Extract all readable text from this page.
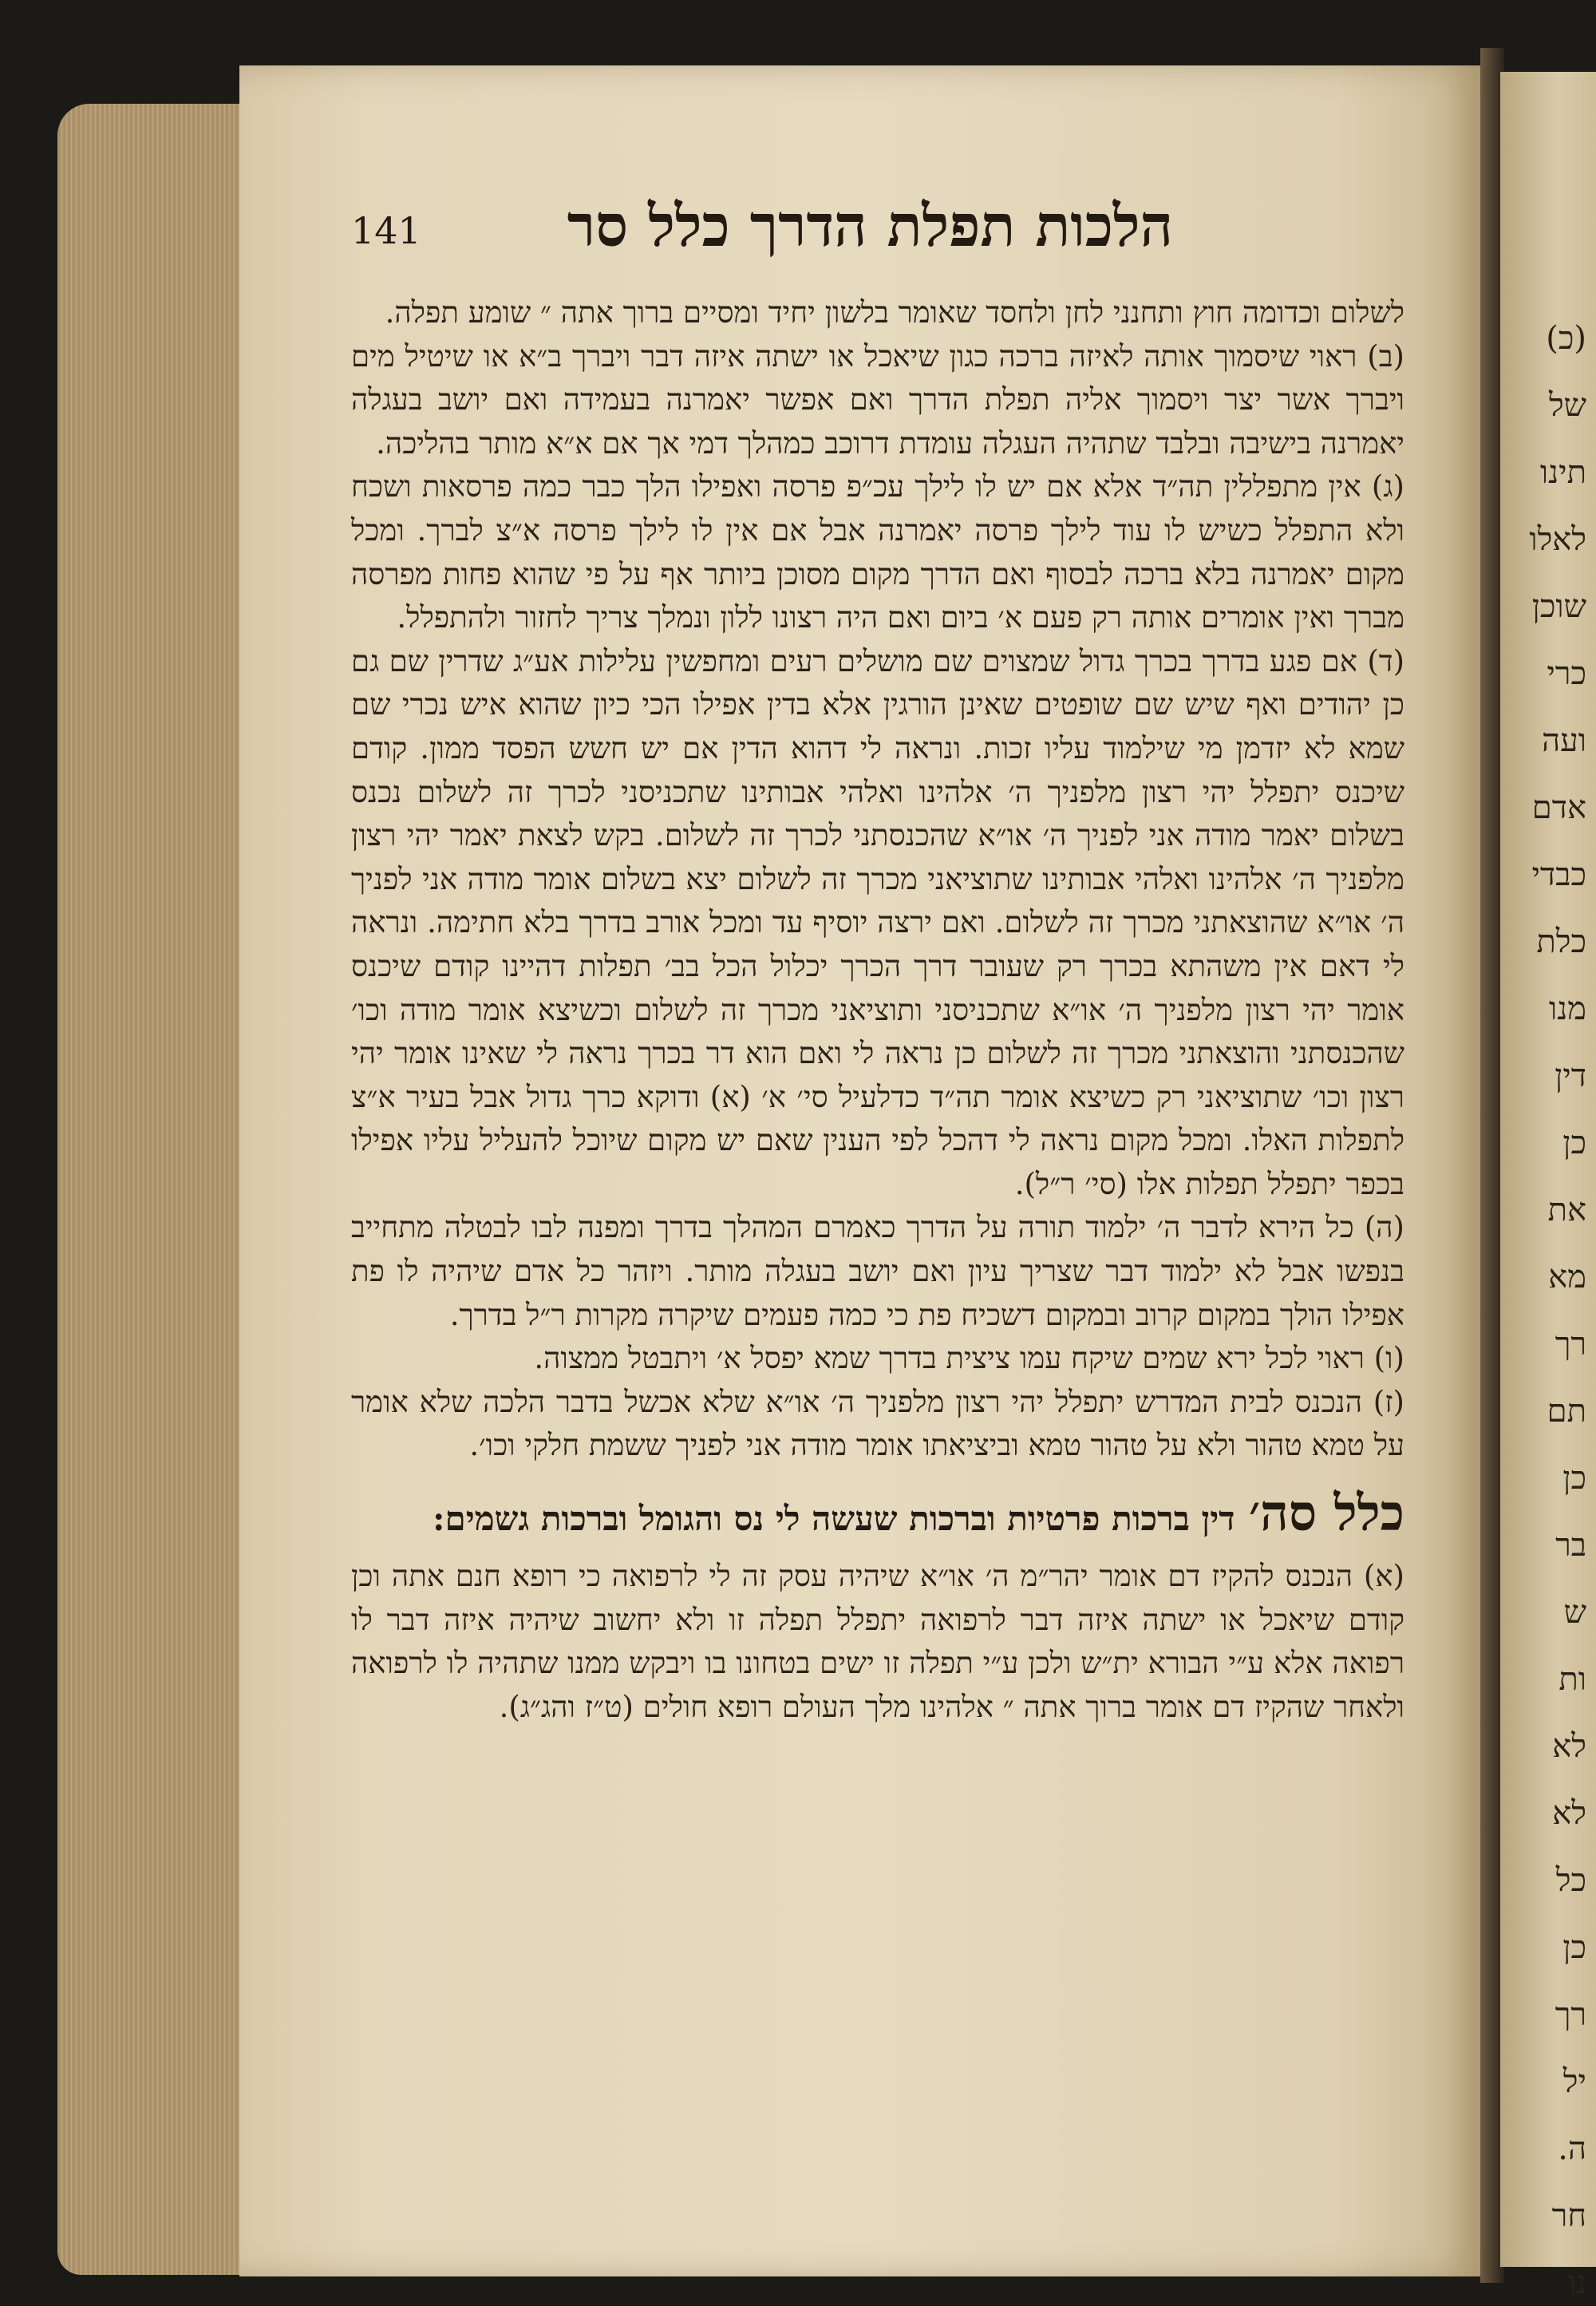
(כ)
של
תינו
לאלו
שוכן
כרי
ועה
אדם
כבדי
כלת
מנו
דין
כן
את
מא
רך
תם
כן
בר
ש
ות
לא
לא
כל
כן
רך
יל
ה.
חר
נו
הלכות תפלת הדרך כלל סר
141

לשלום וכדומה חוץ ותחנני לחן ולחסד שאומר בלשון יחיד ומסיים ברוך אתה ״ שומע תפלה.

(ב) ראוי שיסמוך אותה לאיזה ברכה כגון שיאכל או ישתה איזה דבר ויברך ב״א או שיטיל מים ויברך אשר יצר ויסמוך אליה תפלת הדרך ואם אפשר יאמרנה בעמידה ואם יושב בעגלה יאמרנה בישיבה ובלבד שתהיה העגלה עומדת דרוכב כמהלך דמי אך אם א״א מותר בהליכה.

(ג) אין מתפללין תה״ד אלא אם יש לו לילך עכ״פ פרסה ואפילו הלך כבר כמה פרסאות ושכח ולא התפלל כשיש לו עוד לילך פרסה יאמרנה אבל אם אין לו לילך פרסה א״צ לברך. ומכל מקום יאמרנה בלא ברכה לבסוף ואם הדרך מקום מסוכן ביותר אף על פי שהוא פחות מפרסה מברך ואין אומרים אותה רק פעם א׳ ביום ואם היה רצונו ללון ונמלך צריך לחזור ולהתפלל.

(ד) אם פגע בדרך בכרך גדול שמצוים שם מושלים רעים ומחפשין עלילות אע״ג שדרין שם גם כן יהודים ואף שיש שם שופטים שאינן הורגין אלא בדין אפילו הכי כיון שהוא איש נכרי שם שמא לא יזדמן מי שילמוד עליו זכות. ונראה לי דהוא הדין אם יש חשש הפסד ממון. קודם שיכנס יתפלל יהי רצון מלפניך ה׳ אלהינו ואלהי אבותינו שתכניסני לכרך זה לשלום נכנס בשלום יאמר מודה אני לפניך ה׳ או״א שהכנסתני לכרך זה לשלום. בקש לצאת יאמר יהי רצון מלפניך ה׳ אלהינו ואלהי אבותינו שתוציאני מכרך זה לשלום יצא בשלום אומר מודה אני לפניך ה׳ או״א שהוצאתני מכרך זה לשלום. ואם ירצה יוסיף עד ומכל אורב בדרך בלא חתימה. ונראה לי דאם אין משהתא בכרך רק שעובר דרך הכרך יכלול הכל בב׳ תפלות דהיינו קודם שיכנס אומר יהי רצון מלפניך ה׳ או״א שתכניסני ותוציאני מכרך זה לשלום וכשיצא אומר מודה וכו׳ שהכנסתני והוצאתני מכרך זה לשלום כן נראה לי ואם הוא דר בכרך נראה לי שאינו אומר יהי רצון וכו׳ שתוציאני רק כשיצא אומר תה״ד כדלעיל סי׳ א׳ (א) ודוקא כרך גדול אבל בעיר א״צ לתפלות האלו. ומכל מקום נראה לי דהכל לפי הענין שאם יש מקום שיוכל להעליל עליו אפילו בכפר יתפלל תפלות אלו (סי׳ ר״ל).

(ה) כל הירא לדבר ה׳ ילמוד תורה על הדרך כאמרם המהלך בדרך ומפנה לבו לבטלה מתחייב בנפשו אבל לא ילמוד דבר שצריך עיון ואם יושב בעגלה מותר. ויזהר כל אדם שיהיה לו פת אפילו הולך במקום קרוב ובמקום דשכיח פת כי כמה פעמים שיקרה מקרות ר״ל בדרך.

(ו) ראוי לכל ירא שמים שיקח עמו ציצית בדרך שמא יפסל א׳ ויתבטל ממצוה.

(ז) הנכנס לבית המדרש יתפלל יהי רצון מלפניך ה׳ או״א שלא אכשל בדבר הלכה שלא אומר על טמא טהור ולא על טהור טמא וביציאתו אומר מודה אני לפניך ששמת חלקי וכו׳.

כלל סה׳ דין ברכות פרטיות וברכות שעשה לי נס והגומל וברכות גשמים:

(א) הנכנס להקיז דם אומר יהר״מ ה׳ או״א שיהיה עסק זה לי לרפואה כי רופא חנם אתה וכן קודם שיאכל או ישתה איזה דבר לרפואה יתפלל תפלה זו ולא יחשוב שיהיה איזה דבר לו רפואה אלא ע״י הבורא ית״ש ולכן ע״י תפלה זו ישים בטחונו בו ויבקש ממנו שתהיה לו לרפואה ולאחר שהקיז דם אומר ברוך אתה ״ אלהינו מלך העולם רופא חולים (ט״ז והג״ג).
